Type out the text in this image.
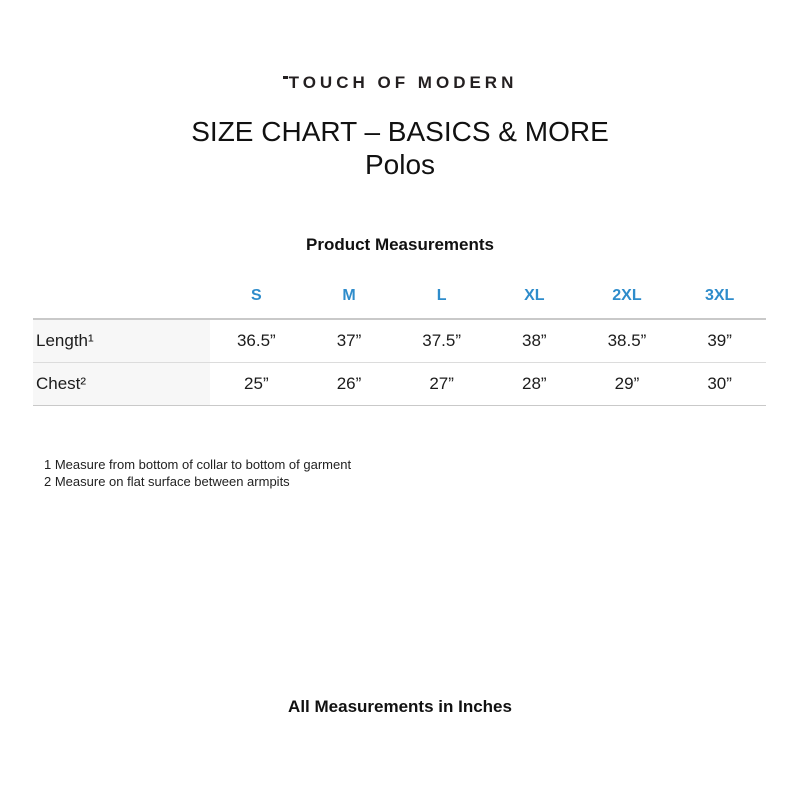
TOUCH OF MODERN
SIZE CHART – BASICS & MORE
Polos
Product Measurements
	S	M	L	XL	2XL	3XL
Length¹	36.5”	37”	37.5”	38”	38.5”	39”
Chest²	25”	26”	27”	28”	29”	30”
1 Measure from bottom of collar to bottom of garment
2 Measure on flat surface between armpits
All Measurements in Inches
